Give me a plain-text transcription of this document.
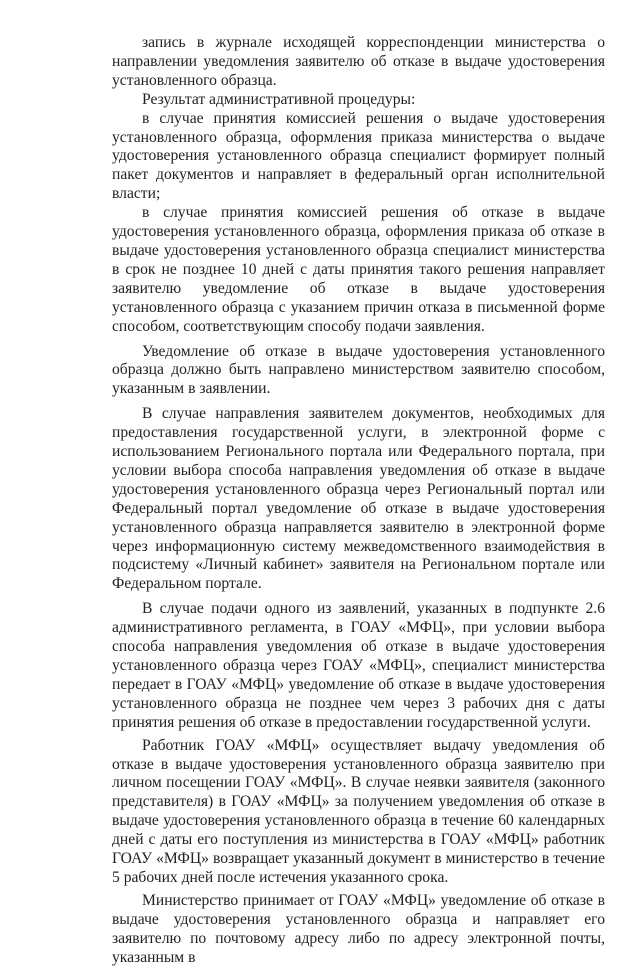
запись в журнале исходящей корреспонденции министерства о направлении уведомления заявителю об отказе в выдаче удостоверения установленного образца.

Результат административной процедуры:

в случае принятия комиссией решения о выдаче удостоверения установленного образца, оформления приказа министерства о выдаче удостоверения установленного образца специалист формирует полный пакет документов и направляет в федеральный орган исполнительной власти;

в случае принятия комиссией решения об отказе в выдаче удостоверения установленного образца, оформления приказа об отказе в выдаче удостоверения установленного образца специалист министерства в срок не позднее 10 дней с даты принятия такого решения направляет заявителю уведомление об отказе в выдаче удостоверения установленного образца с указанием причин отказа в письменной форме способом, соответствующим способу подачи заявления.

Уведомление об отказе в выдаче удостоверения установленного образца должно быть направлено министерством заявителю способом, указанным в заявлении.

В случае направления заявителем документов, необходимых для предоставления государственной услуги, в электронной форме с использованием Регионального портала или Федерального портала, при условии выбора способа направления уведомления об отказе в выдаче удостоверения установленного образца через Региональный портал или Федеральный портал уведомление об отказе в выдаче удостоверения установленного образца направляется заявителю в электронной форме через информационную систему межведомственного взаимодействия в подсистему «Личный кабинет» заявителя на Региональном портале или Федеральном портале.

В случае подачи одного из заявлений, указанных в подпункте 2.6 административного регламента, в ГОАУ «МФЦ», при условии выбора способа направления уведомления об отказе в выдаче удостоверения установленного образца через ГОАУ «МФЦ», специалист министерства передает в ГОАУ «МФЦ» уведомление об отказе в выдаче удостоверения установленного образца не позднее чем через 3 рабочих дня с даты принятия решения об отказе в предоставлении государственной услуги.

Работник ГОАУ «МФЦ» осуществляет выдачу уведомления об отказе в выдаче удостоверения установленного образца заявителю при личном посещении ГОАУ «МФЦ». В случае неявки заявителя (законного представителя) в ГОАУ «МФЦ» за получением уведомления об отказе в выдаче удостоверения установленного образца в течение 60 календарных дней с даты его поступления из министерства в ГОАУ «МФЦ» работник ГОАУ «МФЦ» возвращает указанный документ в министерство в течение 5 рабочих дней после истечения указанного срока.

Министерство принимает от ГОАУ «МФЦ» уведомление об отказе в выдаче удостоверения установленного образца и направляет его заявителю по почтовому адресу либо по адресу электронной почты, указанным в
